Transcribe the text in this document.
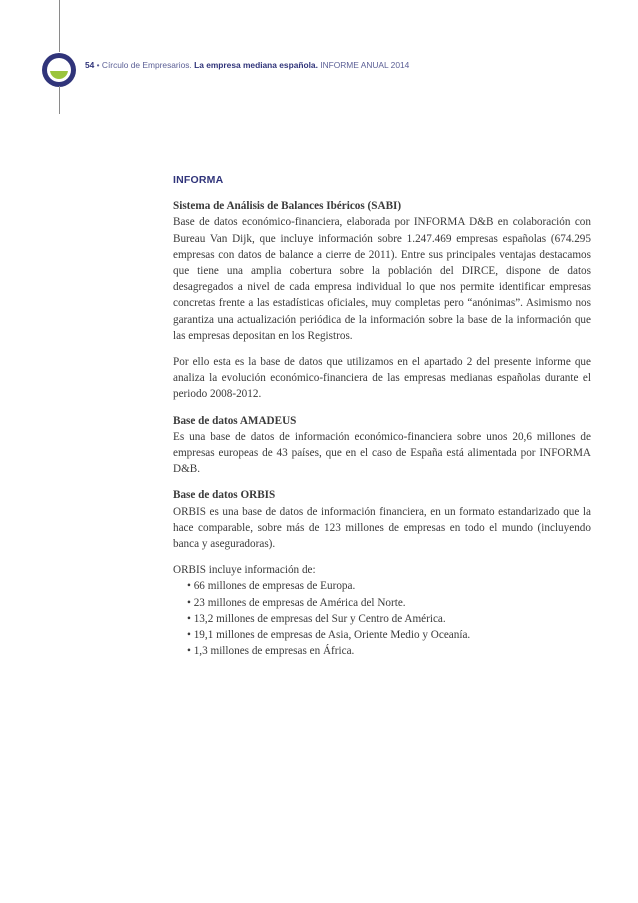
54 • Círculo de Empresarios. La empresa mediana española. INFORME ANUAL 2014
INFORMA

Sistema de Análisis de Balances Ibéricos (SABI)

Base de datos económico-financiera, elaborada por INFORMA D&B en colaboración con Bureau Van Dijk, que incluye información sobre 1.247.469 empresas españolas (674.295 empresas con datos de balance a cierre de 2011). Entre sus principales ventajas destacamos que tiene una amplia cobertura sobre la población del DIRCE, dispone de datos desagregados a nivel de cada empresa individual lo que nos permite identificar empresas concretas frente a las estadísticas oficiales, muy completas pero “anónimas”. Asimismo nos garantiza una actualización periódica de la información sobre la base de la información que las empresas depositan en los Registros.

Por ello esta es la base de datos que utilizamos en el apartado 2 del presente informe que analiza la evolución económico-financiera de las empresas medianas españolas durante el periodo 2008-2012.

Base de datos AMADEUS

Es una base de datos de información económico-financiera sobre unos 20,6 millones de empresas europeas de 43 países, que en el caso de España está alimentada por INFORMA D&B.

Base de datos ORBIS

ORBIS es una base de datos de información financiera, en un formato estandarizado que la hace comparable, sobre más de 123 millones de empresas en todo el mundo (incluyendo banca y aseguradoras).

ORBIS incluye información de:

• 66 millones de empresas de Europa.
• 23 millones de empresas de América del Norte.
• 13,2 millones de empresas del Sur y Centro de América.
• 19,1 millones de empresas de Asia, Oriente Medio y Oceanía.
• 1,3 millones de empresas en África.
